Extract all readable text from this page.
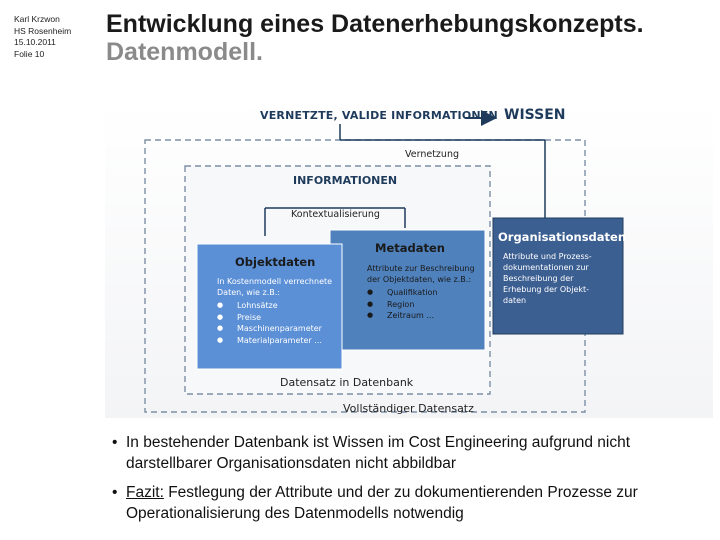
Karl Krzwon
HS Rosenheim
15.10.2011
Folie 10
Entwicklung eines Datenerhebungskonzepts.
Datenmodell.
VERNETZTE, VALIDE INFORMATIONEN WISSEN
Vernetzung
INFORMATIONEN
Kontextualisierung
Metadaten
Attribute zur Beschreibung der Objektdaten, wie z.B.:
● Qualifikation
● Region
● Zeitraum ...
Objektdaten
In Kostenmodell verrechnete Daten, wie z.B.:
● Lohnsätze
● Preise
● Maschinenparameter
● Materialparameter ...
Organisationsdaten
Attribute und Prozess-dokumentationen zur Beschreibung der Erhebung der Objekt-daten
Datensatz in Datenbank
Vollständiger Datensatz
• In bestehender Datenbank ist Wissen im Cost Engineering aufgrund nicht darstellbarer Organisationsdaten nicht abbildbar
• Fazit: Festlegung der Attribute und der zu dokumentierenden Prozesse zur Operationalisierung des Datenmodells notwendig
